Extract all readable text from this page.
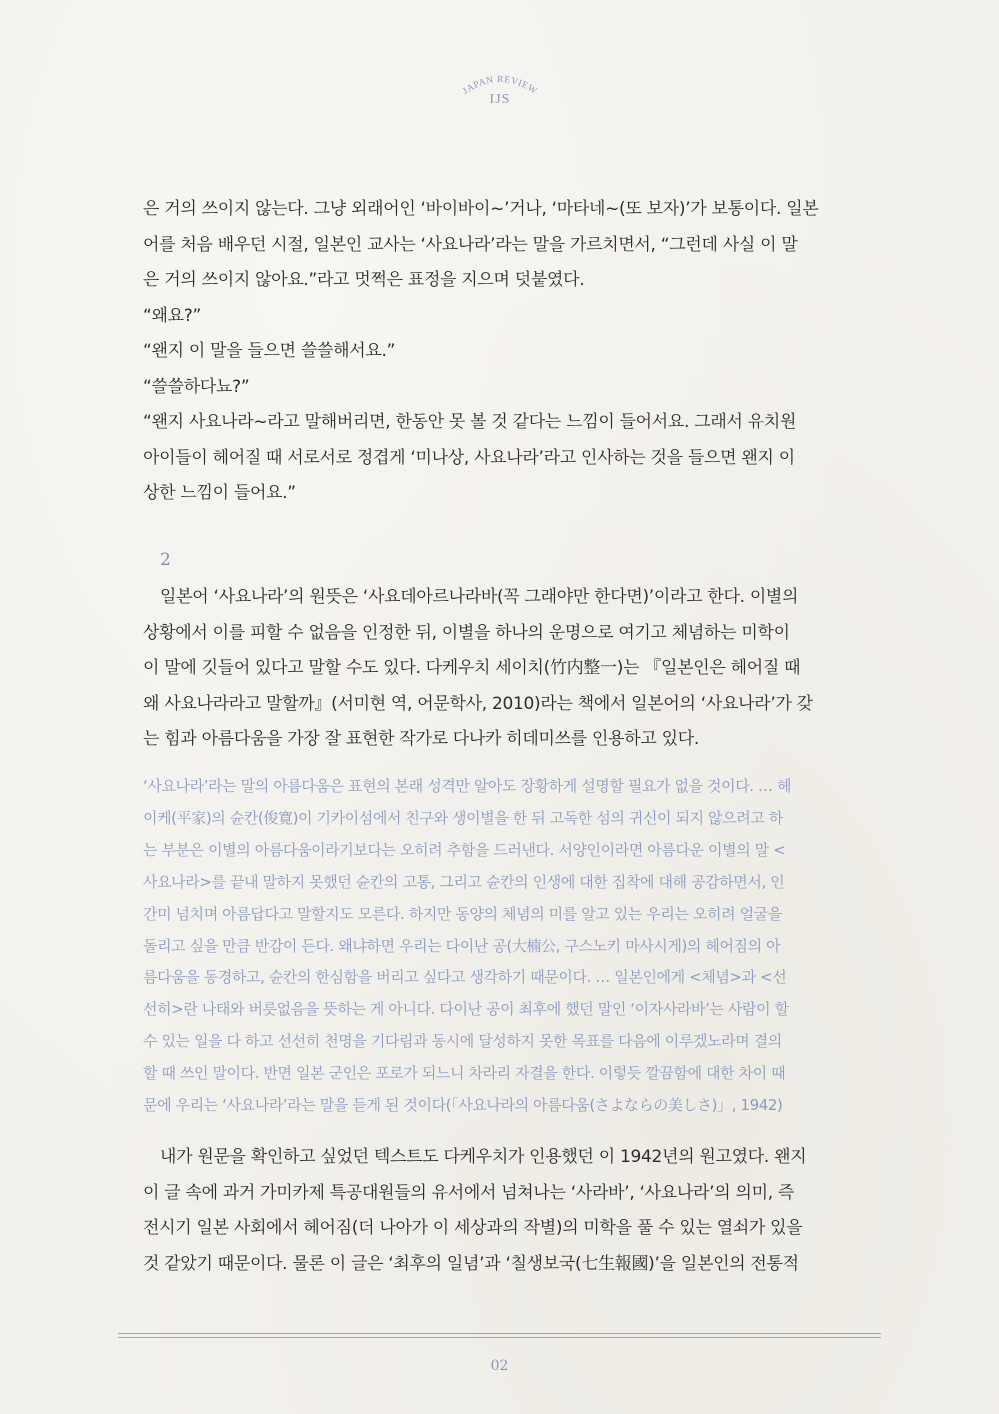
JAPAN REVIEW
IJS
은 거의 쓰이지 않는다. 그냥 외래어인 ‘바이바이~’거나, ‘마타네~(또 보자)’가 보통이다. 일본
어를 처음 배우던 시절, 일본인 교사는 ‘사요나라’라는 말을 가르치면서, “그런데 사실 이 말
은 거의 쓰이지 않아요.”라고 멋쩍은 표정을 지으며 덧붙였다.
“왜요?”
“왠지 이 말을 들으면 쓸쓸해서요.”
“쓸쓸하다뇨?”
“왠지 사요나라~라고 말해버리면, 한동안 못 볼 것 같다는 느낌이 들어서요. 그래서 유치원
아이들이 헤어질 때 서로서로 정겹게 ‘미나상, 사요나라’라고 인사하는 것을 들으면 왠지 이
상한 느낌이 들어요.”
2
일본어 ‘사요나라’의 원뜻은 ‘사요데아르나라바(꼭 그래야만 한다면)’이라고 한다. 이별의
상황에서 이를 피할 수 없음을 인정한 뒤, 이별을 하나의 운명으로 여기고 체념하는 미학이
이 말에 깃들어 있다고 말할 수도 있다. 다케우치 세이치(竹内整一)는 『일본인은 헤어질 때
왜 사요나라라고 말할까』(서미현 역, 어문학사, 2010)라는 책에서 일본어의 ‘사요나라’가 갖
는 힘과 아름다움을 가장 잘 표현한 작가로 다나카 히데미쓰를 인용하고 있다.
‘사요나라’라는 말의 아름다움은 표현의 본래 성격만 알아도 장황하게 설명할 필요가 없을 것이다. … 헤
이케(平家)의 슌칸(俊寛)이 기카이섬에서 친구와 생이별을 한 뒤 고독한 섬의 귀신이 되지 않으려고 하
는 부분은 이별의 아름다움이라기보다는 오히려 추함을 드러낸다. 서양인이라면 아름다운 이별의 말 <
사요나라>를 끝내 말하지 못했던 슌칸의 고통, 그리고 슌칸의 인생에 대한 집착에 대해 공감하면서, 인
간미 넘치며 아름답다고 말할지도 모른다. 하지만 동양의 체념의 미를 알고 있는 우리는 오히려 얼굴을
돌리고 싶을 만큼 반감이 든다. 왜냐하면 우리는 다이난 공(大楠公, 구스노키 마사시게)의 헤어짐의 아
름다움을 동경하고, 슌칸의 한심함을 버리고 싶다고 생각하기 때문이다. … 일본인에게 <체념>과 <선
선히>란 나태와 버릇없음을 뜻하는 게 아니다. 다이난 공이 최후에 했던 말인 ‘이자사라바’는 사람이 할
수 있는 일을 다 하고 선선히 천명을 기다림과 동시에 달성하지 못한 목표를 다음에 이루겠노라며 결의
할 때 쓰인 말이다. 반면 일본 군인은 포로가 되느니 차라리 자결을 한다. 이렇듯 깔끔함에 대한 차이 때
문에 우리는 ‘사요나라’라는 말을 듣게 된 것이다(「사요나라의 아름다움(さよならの美しさ)」, 1942)
내가 원문을 확인하고 싶었던 텍스트도 다케우치가 인용했던 이 1942년의 원고였다. 왠지
이 글 속에 과거 가미카제 특공대원들의 유서에서 넘쳐나는 ‘사라바’, ‘사요나라’의 의미, 즉
전시기 일본 사회에서 헤어짐(더 나아가 이 세상과의 작별)의 미학을 풀 수 있는 열쇠가 있을
것 같았기 때문이다. 물론 이 글은 ‘최후의 일념’과 ‘칠생보국(七生報國)’을 일본인의 전통적
02
